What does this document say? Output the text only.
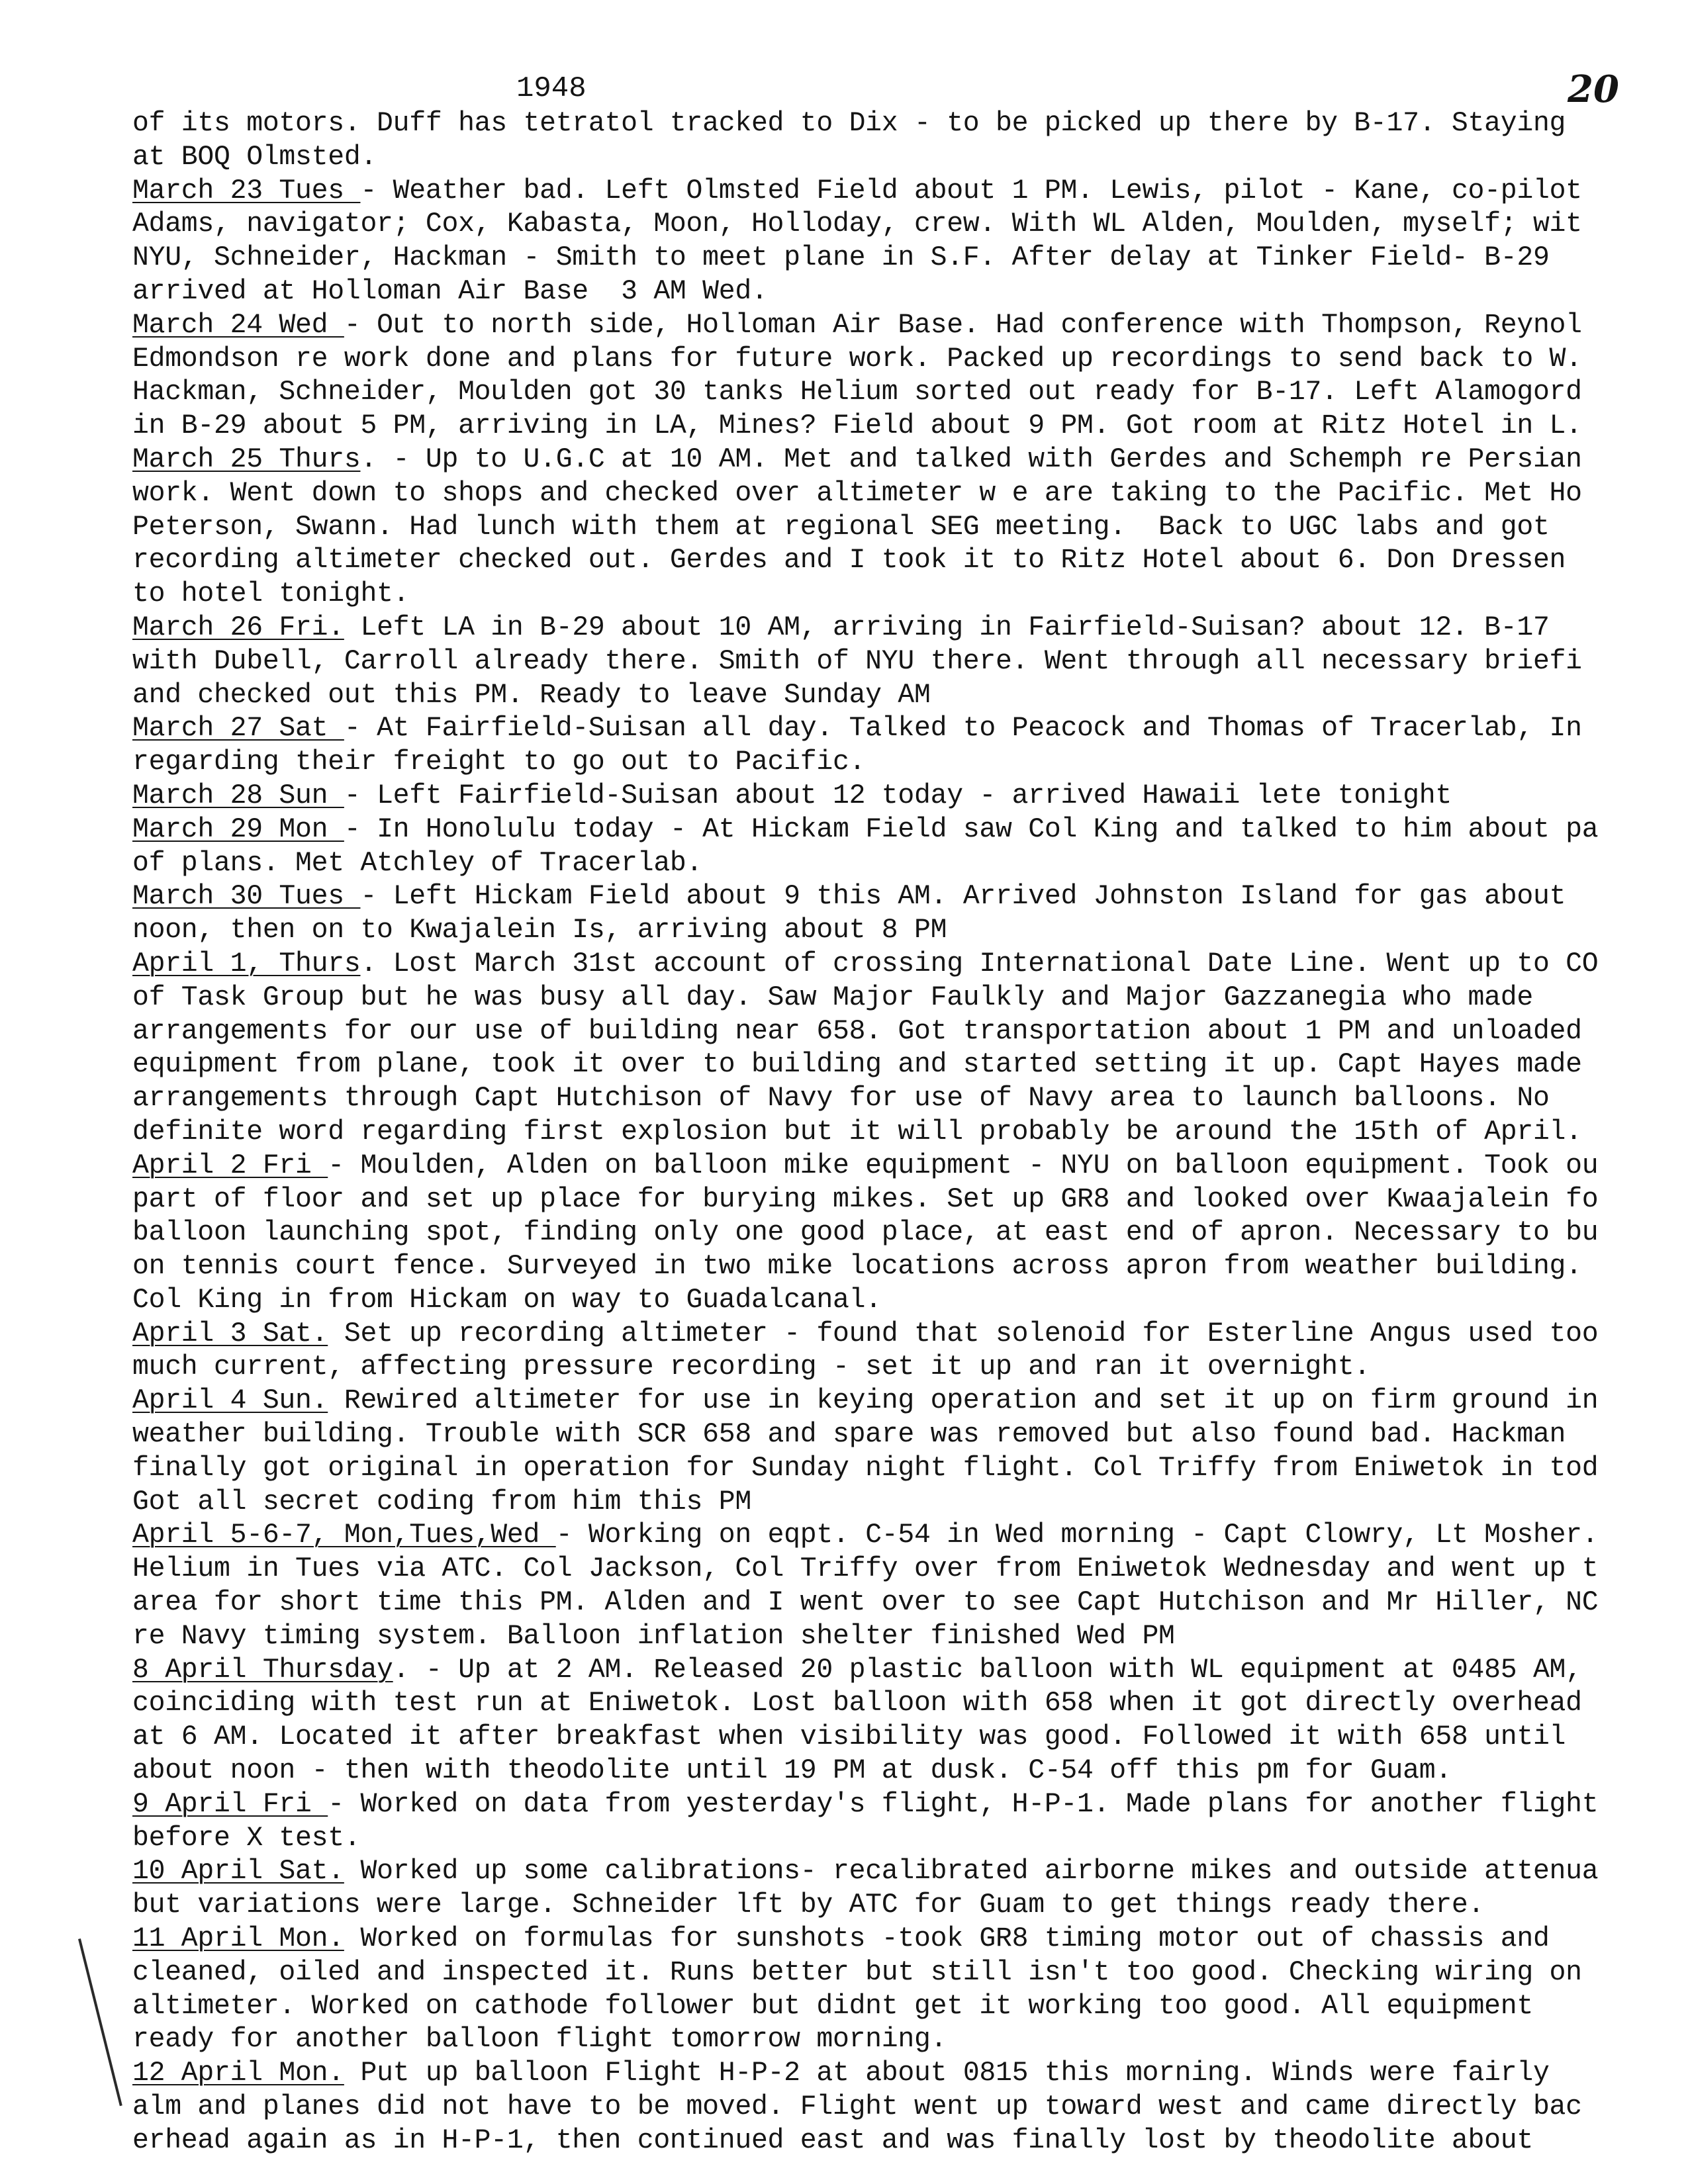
1948	20
of its motors. Duff has tetratol tracked to Dix - to be picked up there by B-17. Staying
at BOQ Olmsted.
March 23 Tues - Weather bad. Left Olmsted Field about 1 PM. Lewis, pilot - Kane, co-pilot
Adams, navigator; Cox, Kabasta, Moon, Holloday, crew. With WL Alden, Moulden, myself; wit
NYU, Schneider, Hackman - Smith to meet plane in S.F. After delay at Tinker Field- B-29
arrived at Holloman Air Base  3 AM Wed.
March 24 Wed - Out to north side, Holloman Air Base. Had conference with Thompson, Reynol
Edmondson re work done and plans for future work. Packed up recordings to send back to W.
Hackman, Schneider, Moulden got 30 tanks Helium sorted out ready for B-17. Left Alamogord
in B-29 about 5 PM, arriving in LA, Mines? Field about 9 PM. Got room at Ritz Hotel in L.
March 25 Thurs. - Up to U.G.C at 10 AM. Met and talked with Gerdes and Schemph re Persian
work. Went down to shops and checked over altimeter w e are taking to the Pacific. Met Ho
Peterson, Swann. Had lunch with them at regional SEG meeting.  Back to UGC labs and got
recording altimeter checked out. Gerdes and I took it to Ritz Hotel about 6. Don Dressen
to hotel tonight.
March 26 Fri. Left LA in B-29 about 10 AM, arriving in Fairfield-Suisan? about 12. B-17
with Dubell, Carroll already there. Smith of NYU there. Went through all necessary briefi
and checked out this PM. Ready to leave Sunday AM
March 27 Sat - At Fairfield-Suisan all day. Talked to Peacock and Thomas of Tracerlab, In
regarding their freight to go out to Pacific.
March 28 Sun - Left Fairfield-Suisan about 12 today - arrived Hawaii lete tonight
March 29 Mon - In Honolulu today - At Hickam Field saw Col King and talked to him about pa
of plans. Met Atchley of Tracerlab.
March 30 Tues - Left Hickam Field about 9 this AM. Arrived Johnston Island for gas about
noon, then on to Kwajalein Is, arriving about 8 PM
April 1, Thurs. Lost March 31st account of crossing International Date Line. Went up to CO
of Task Group but he was busy all day. Saw Major Faulkly and Major Gazzanegia who made
arrangements for our use of building near 658. Got transportation about 1 PM and unloaded
equipment from plane, took it over to building and started setting it up. Capt Hayes made
arrangements through Capt Hutchison of Navy for use of Navy area to launch balloons. No
definite word regarding first explosion but it will probably be around the 15th of April.
April 2 Fri - Moulden, Alden on balloon mike equipment - NYU on balloon equipment. Took ou
part of floor and set up place for burying mikes. Set up GR8 and looked over Kwaajalein fo
balloon launching spot, finding only one good place, at east end of apron. Necessary to bu
on tennis court fence. Surveyed in two mike locations across apron from weather building.
Col King in from Hickam on way to Guadalcanal.
April 3 Sat. Set up recording altimeter - found that solenoid for Esterline Angus used too
much current, affecting pressure recording - set it up and ran it overnight.
April 4 Sun. Rewired altimeter for use in keying operation and set it up on firm ground in
weather building. Trouble with SCR 658 and spare was removed but also found bad. Hackman
finally got original in operation for Sunday night flight. Col Triffy from Eniwetok in tod
Got all secret coding from him this PM
April 5-6-7, Mon,Tues,Wed - Working on eqpt. C-54 in Wed morning - Capt Clowry, Lt Mosher.
Helium in Tues via ATC. Col Jackson, Col Triffy over from Eniwetok Wednesday and went up t
area for short time this PM. Alden and I went over to see Capt Hutchison and Mr Hiller, NC
re Navy timing system. Balloon inflation shelter finished Wed PM
8 April Thursday. - Up at 2 AM. Released 20 plastic balloon with WL equipment at 0485 AM,
coinciding with test run at Eniwetok. Lost balloon with 658 when it got directly overhead
at 6 AM. Located it after breakfast when visibility was good. Followed it with 658 until
about noon - then with theodolite until 19 PM at dusk. C-54 off this pm for Guam.
9 April Fri - Worked on data from yesterday's flight, H-P-1. Made plans for another flight
before X test.
10 April Sat. Worked up some calibrations- recalibrated airborne mikes and outside attenua
but variations were large. Schneider lft by ATC for Guam to get things ready there.
11 April Mon. Worked on formulas for sunshots -took GR8 timing motor out of chassis and
cleaned, oiled and inspected it. Runs better but still isn't too good. Checking wiring on
altimeter. Worked on cathode follower but didnt get it working too good. All equipment
ready for another balloon flight tomorrow morning.
12 April Mon. Put up balloon Flight H-P-2 at about 0815 this morning. Winds were fairly
alm and planes did not have to be moved. Flight went up toward west and came directly bac
erhead again as in H-P-1, then continued east and was finally lost by theodolite about
